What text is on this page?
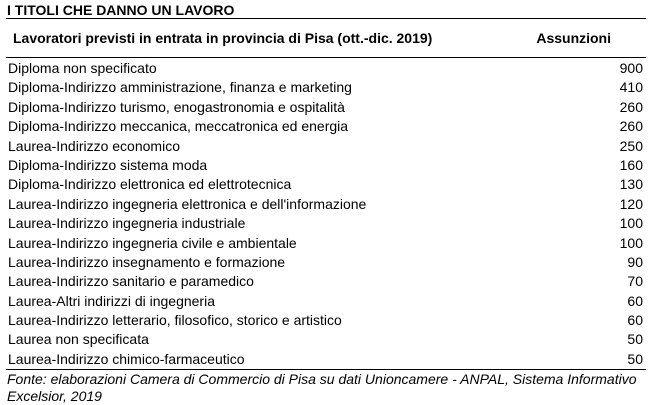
I TITOLI CHE DANNO UN LAVORO
Lavoratori previsti in entrata in provincia di Pisa (ott.-dic. 2019)	Assunzioni
Diploma non specificato	900
Diploma-Indirizzo amministrazione, finanza e marketing	410
Diploma-Indirizzo turismo, enogastronomia e ospitalità	260
Diploma-Indirizzo meccanica, meccatronica ed energia	260
Laurea-Indirizzo economico	250
Diploma-Indirizzo sistema moda	160
Diploma-Indirizzo elettronica ed elettrotecnica	130
Laurea-Indirizzo ingegneria elettronica e dell'informazione	120
Laurea-Indirizzo ingegneria industriale	100
Laurea-Indirizzo ingegneria civile e ambientale	100
Laurea-Indirizzo insegnamento e formazione	90
Laurea-Indirizzo sanitario e paramedico	70
Laurea-Altri indirizzi di ingegneria	60
Laurea-Indirizzo letterario, filosofico, storico e artistico	60
Laurea non specificata	50
Laurea-Indirizzo chimico-farmaceutico	50
Fonte: elaborazioni Camera di Commercio di Pisa su dati Unioncamere - ANPAL, Sistema Informativo Excelsior, 2019
